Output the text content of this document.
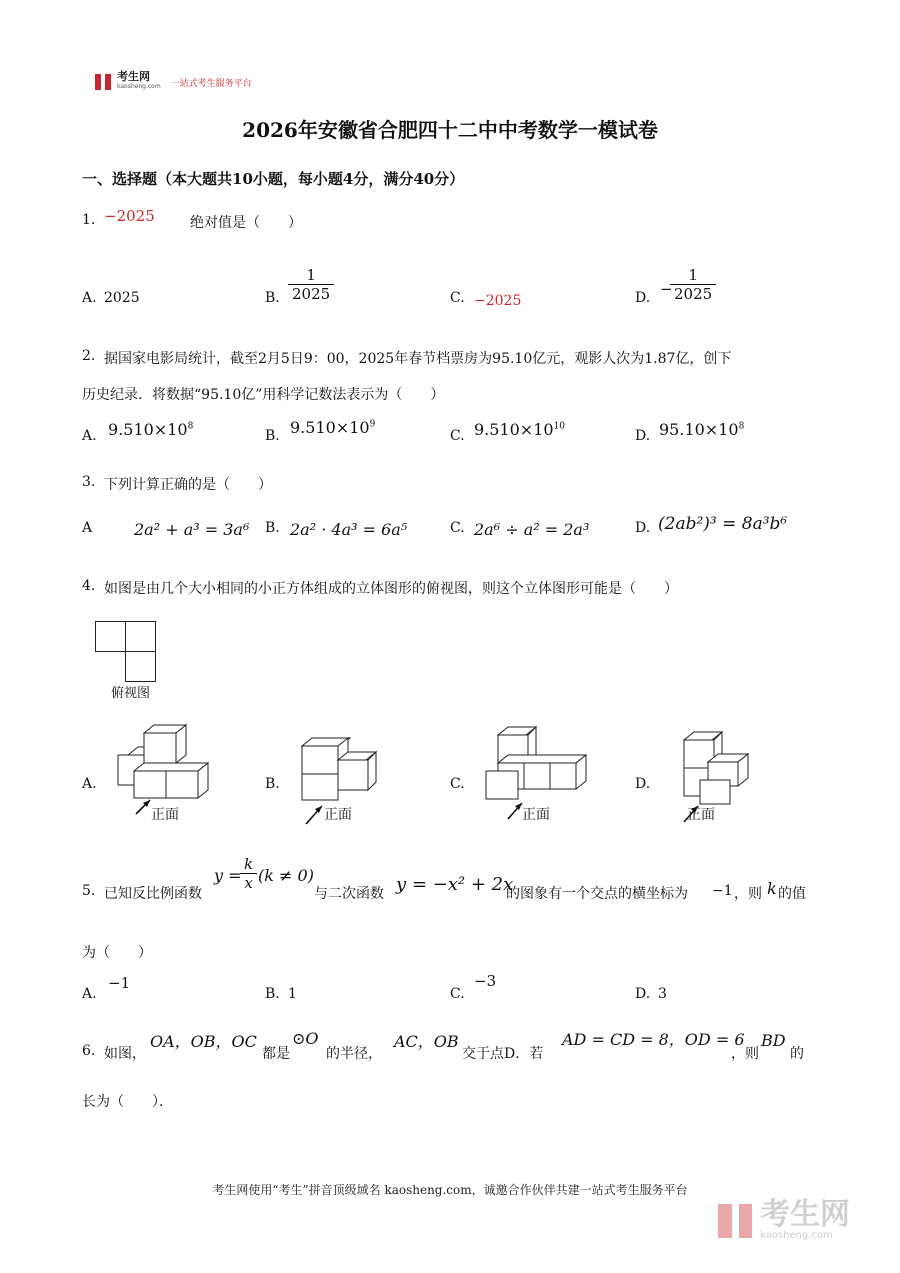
考生网
kaosheng.com 一站式考生服务平台
2026年安徽省合肥四十二中中考数学一模试卷
一、选择题（本大题共10小题，每小题4分，满分40分）
1. −2025	绝对值是（　　）
A. 2025	B. $\frac{1}{2025}$	C. −2025	D. −
$\frac{1}{2025}$
2. 据国家电影局统计，截至2月5日9：00，2025年春节档票房为95.10亿元，观影人次为1.87亿，创下
历史纪录．将数据“95.10亿”用科学记数法表示为（　　）
A. $9.510\times 10^8$
B. $9.510\times 10^9$
C. $9.510\times 10^{10}$
D. $95.10\times 10^8$
3. 下列计算正确的是（　　）
A	2a² + a³ = 3a⁶ B. 2a² · 4a³ = 6a⁵	C. 2a⁶ ÷ a² = 2a³	D. (2ab²)³ = 8a³b⁶
4. 如图是由几个大小相同的小正方体组成的立体图形的俯视图，则这个立体图形可能是（　　）
俯视图
A.
正面
B.
正面
C.
正面
D.
正面
5. 已知反比例函数
y =
$\frac{k}{x} (k \ne 0)$
与二次函数 y = −x² + 2x
的图象有一个交点的横坐标为 −1 ，则 k 的值
为（　　）
A.
−1
B. 1	C.
−3
D. 3
6. 如图，
OA，OB，OC
都是
⊙O
的半径，
AC，OB
交于点D．若
AD = CD = 8，OD = 6
，则
BD
的
长为（　　）．
考生网使用“考生”拼音顶级域名 kaosheng.com，诚邀合作伙伴共建一站式考生服务平台
考生网
kaosheng.com
